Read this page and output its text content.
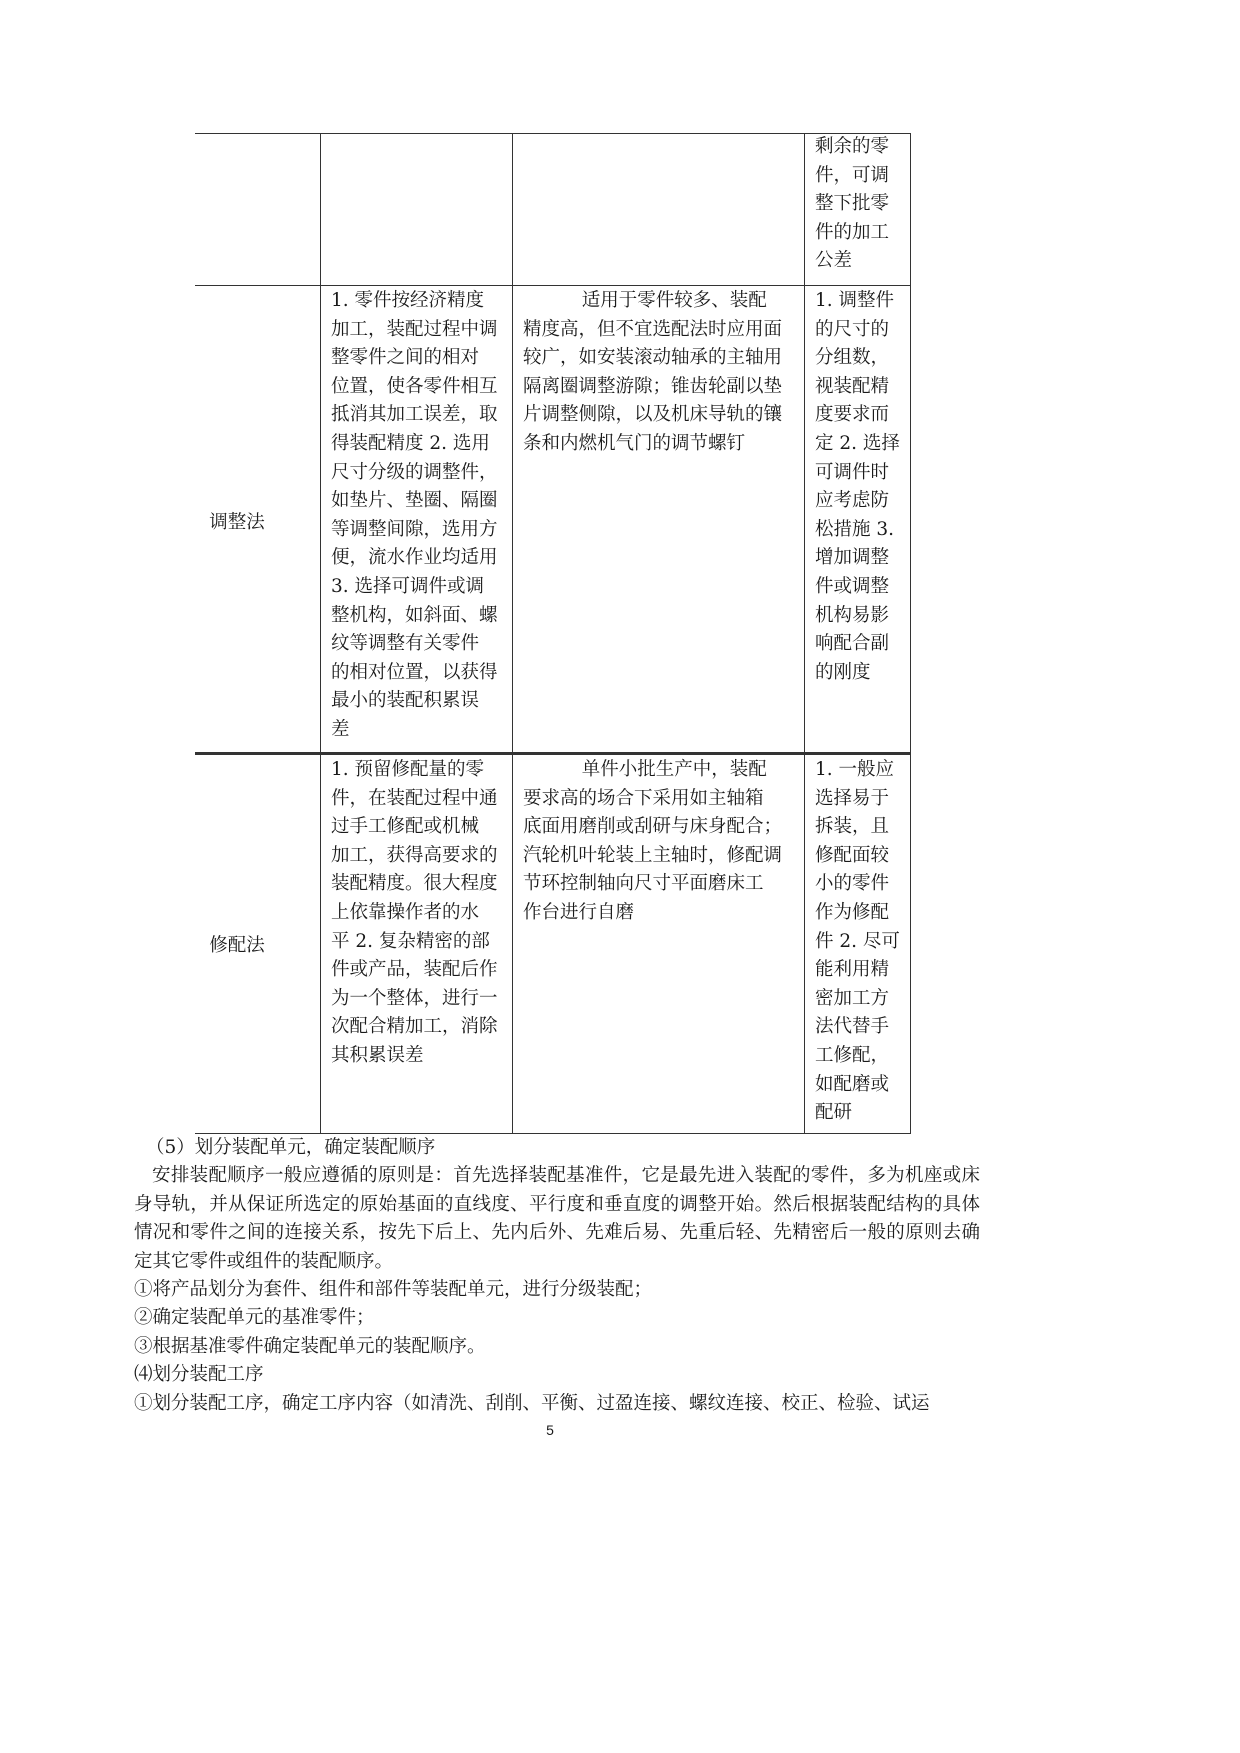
剩余的零
件，可调
整下批零
件的加工
公差
调整法
1. 零件按经济精度
加工，装配过程中调
整零件之间的相对
位置，使各零件相互
抵消其加工误差，取
得装配精度 2. 选用
尺寸分级的调整件，
如垫片、垫圈、隔圈
等调整间隙，选用方
便，流水作业均适用
3. 选择可调件或调
整机构，如斜面、螺
纹等调整有关零件
的相对位置，以获得
最小的装配积累误
差
适用于零件较多、装配
精度高，但不宜选配法时应用面
较广，如安装滚动轴承的主轴用
隔离圈调整游隙；锥齿轮副以垫
片调整侧隙，以及机床导轨的镶
条和内燃机气门的调节螺钉
1. 调整件
的尺寸的
分组数，
视装配精
度要求而
定 2. 选择
可调件时
应考虑防
松措施 3.
增加调整
件或调整
机构易影
响配合副
的刚度
修配法
1. 预留修配量的零
件，在装配过程中通
过手工修配或机械
加工，获得高要求的
装配精度。很大程度
上依靠操作者的水
平 2. 复杂精密的部
件或产品，装配后作
为一个整体，进行一
次配合精加工，消除
其积累误差
单件小批生产中，装配
要求高的场合下采用如主轴箱
底面用磨削或刮研与床身配合；
汽轮机叶轮装上主轴时，修配调
节环控制轴向尺寸平面磨床工
作台进行自磨
1. 一般应
选择易于
拆装，且
修配面较
小的零件
作为修配
件 2. 尽可
能利用精
密加工方
法代替手
工修配，
如配磨或
配研

（5）划分装配单元，确定装配顺序

安排装配顺序一般应遵循的原则是：首先选择装配基准件，它是最先进入装配的零件，多为机座或床身导轨，并从保证所选定的原始基面的直线度、平行度和垂直度的调整开始。然后根据装配结构的具体情况和零件之间的连接关系，按先下后上、先内后外、先难后易、先重后轻、先精密后一般的原则去确定其它零件或组件的装配顺序。

①将产品划分为套件、组件和部件等装配单元，进行分级装配；

②确定装配单元的基准零件；

③根据基准零件确定装配单元的装配顺序。

⑷划分装配工序

①划分装配工序，确定工序内容（如清洗、刮削、平衡、过盈连接、螺纹连接、校正、检验、试运

5
